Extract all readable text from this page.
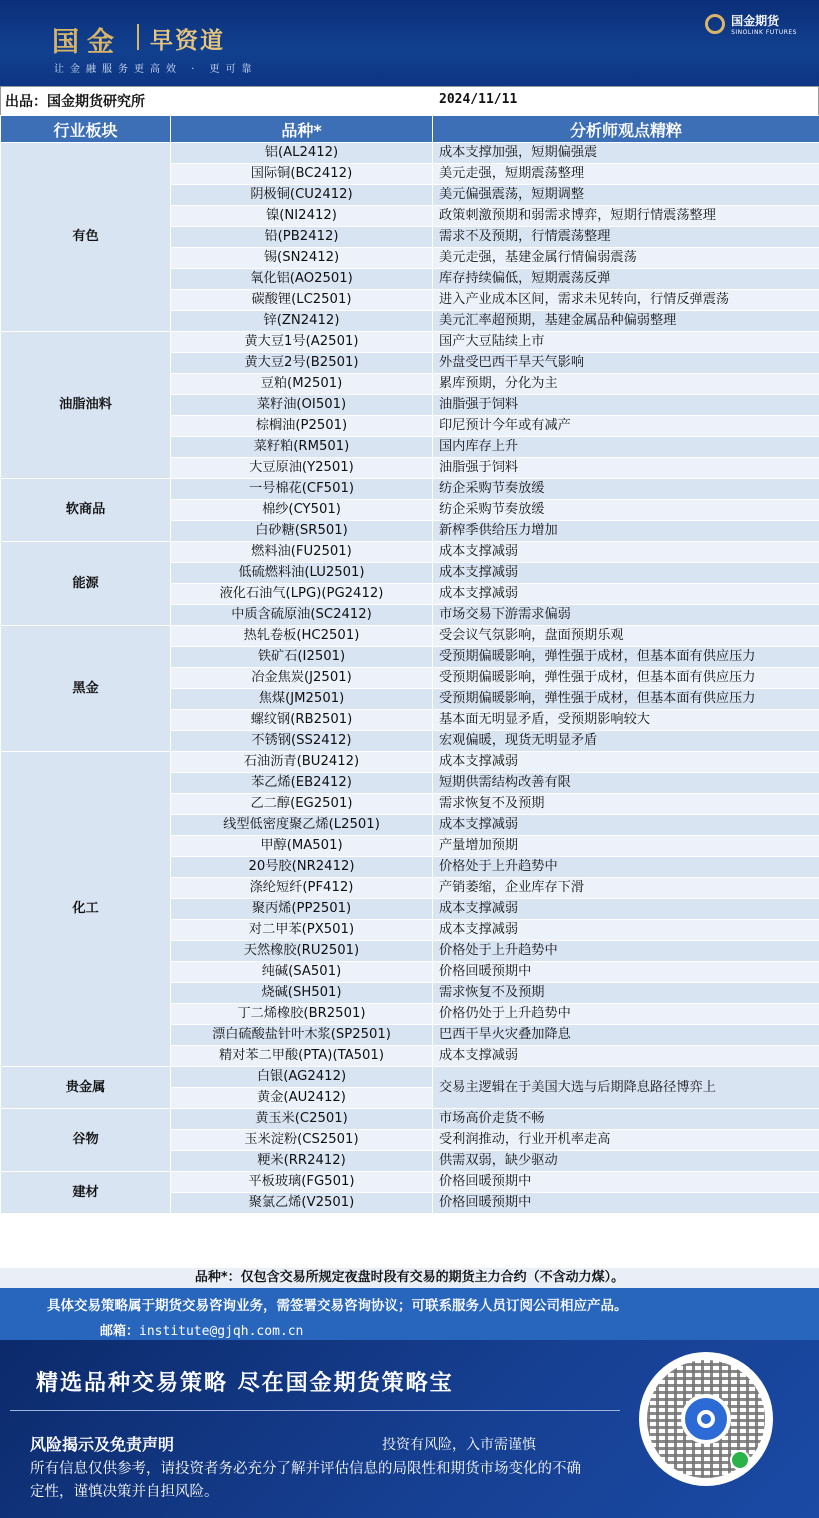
国金 早资道
让金融服务更高效 · 更可靠
国金期货
SINOLINK FUTURES
出品：国金期货研究所	2024/11/11
行业板块	品种*	分析师观点精粹
有色	铝(AL2412)	成本支撑加强，短期偏强震
	国际铜(BC2412)	美元走强，短期震荡整理
	阴极铜(CU2412)	美元偏强震荡，短期调整
	镍(NI2412)	政策刺激预期和弱需求博弈，短期行情震荡整理
	铅(PB2412)	需求不及预期，行情震荡整理
	锡(SN2412)	美元走强，基建金属行情偏弱震荡
	氧化铝(AO2501)	库存持续偏低，短期震荡反弹
	碳酸锂(LC2501)	进入产业成本区间，需求未见转向，行情反弹震荡
	锌(ZN2412)	美元汇率超预期，基建金属品种偏弱整理
油脂油料	黄大豆1号(A2501)	国产大豆陆续上市
	黄大豆2号(B2501)	外盘受巴西干旱天气影响
	豆粕(M2501)	累库预期，分化为主
	菜籽油(OI501)	油脂强于饲料
	棕榈油(P2501)	印尼预计今年或有减产
	菜籽粕(RM501)	国内库存上升
	大豆原油(Y2501)	油脂强于饲料
软商品	一号棉花(CF501)	纺企采购节奏放缓
	棉纱(CY501)	纺企采购节奏放缓
	白砂糖(SR501)	新榨季供给压力增加
能源	燃料油(FU2501)	成本支撑减弱
	低硫燃料油(LU2501)	成本支撑减弱
	液化石油气(LPG)(PG2412)	成本支撑减弱
	中质含硫原油(SC2412)	市场交易下游需求偏弱
黑金	热轧卷板(HC2501)	受会议气氛影响，盘面预期乐观
	铁矿石(I2501)	受预期偏暖影响，弹性强于成材，但基本面有供应压力
	冶金焦炭(J2501)	受预期偏暖影响，弹性强于成材，但基本面有供应压力
	焦煤(JM2501)	受预期偏暖影响，弹性强于成材，但基本面有供应压力
	螺纹钢(RB2501)	基本面无明显矛盾，受预期影响较大
	不锈钢(SS2412)	宏观偏暖，现货无明显矛盾
化工	石油沥青(BU2412)	成本支撑减弱
	苯乙烯(EB2412)	短期供需结构改善有限
	乙二醇(EG2501)	需求恢复不及预期
	线型低密度聚乙烯(L2501)	成本支撑减弱
	甲醇(MA501)	产量增加预期
	20号胶(NR2412)	价格处于上升趋势中
	涤纶短纤(PF412)	产销萎缩，企业库存下滑
	聚丙烯(PP2501)	成本支撑减弱
	对二甲苯(PX501)	成本支撑减弱
	天然橡胶(RU2501)	价格处于上升趋势中
	纯碱(SA501)	价格回暖预期中
	烧碱(SH501)	需求恢复不及预期
	丁二烯橡胶(BR2501)	价格仍处于上升趋势中
	漂白硫酸盐针叶木浆(SP2501)	巴西干旱火灾叠加降息
	精对苯二甲酸(PTA)(TA501)	成本支撑减弱
贵金属	白银(AG2412)	交易主逻辑在于美国大选与后期降息路径博弈上
	黄金(AU2412)	
谷物	黄玉米(C2501)	市场高价走货不畅
	玉米淀粉(CS2501)	受利润推动，行业开机率走高
	粳米(RR2412)	供需双弱，缺少驱动
建材	平板玻璃(FG501)	价格回暖预期中
	聚氯乙烯(V2501)	价格回暖预期中
品种*：仅包含交易所规定夜盘时段有交易的期货主力合约（不含动力煤）。
具体交易策略属于期货交易咨询业务，需签署交易咨询协议；可联系服务人员订阅公司相应产品。
邮箱：institute@gjqh.com.cn
精选品种交易策略 尽在国金期货策略宝
风险揭示及免责声明	投资有风险，入市需谨慎
所有信息仅供参考，请投资者务必充分了解并评估信息的局限性和期货市场变化的不确定性，谨慎决策并自担风险。
